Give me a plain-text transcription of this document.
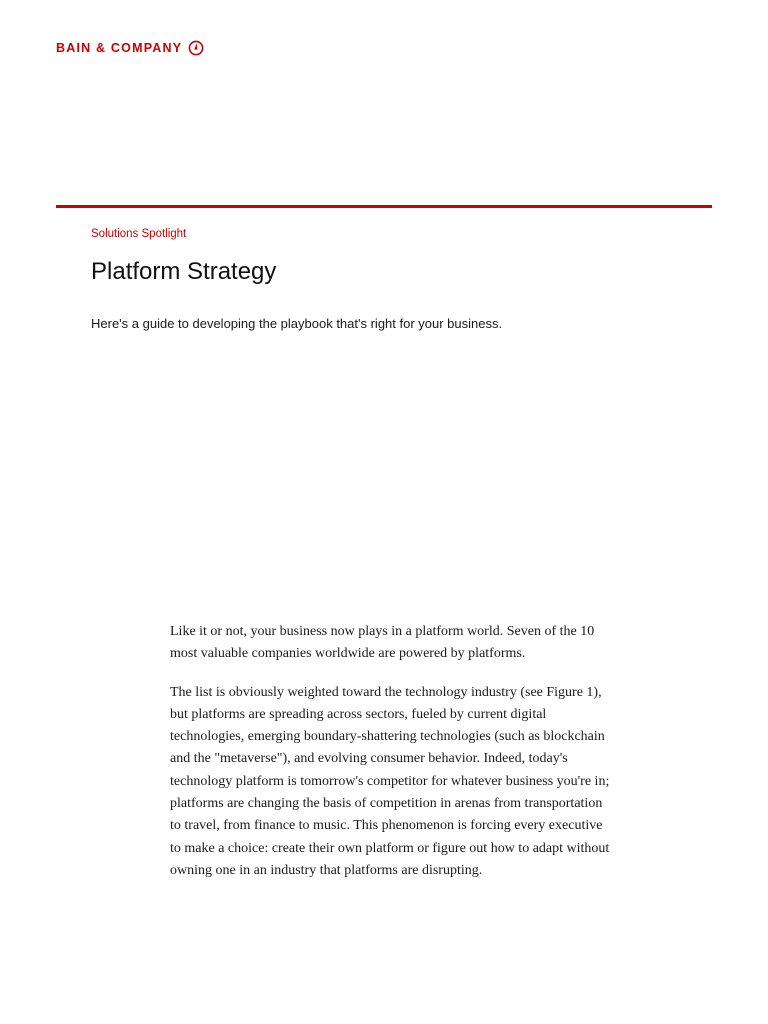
BAIN & COMPANY
Solutions Spotlight
Platform Strategy

Here's a guide to developing the playbook that's right for your business.

Like it or not, your business now plays in a platform world. Seven of the 10 most valuable companies worldwide are powered by platforms.

The list is obviously weighted toward the technology industry (see Figure 1), but platforms are spreading across sectors, fueled by current digital technologies, emerging boundary-shattering technologies (such as blockchain and the "metaverse"), and evolving consumer behavior. Indeed, today's technology platform is tomorrow's competitor for whatever business you're in; platforms are changing the basis of competition in arenas from transportation to travel, from finance to music. This phenomenon is forcing every executive to make a choice: create their own platform or figure out how to adapt without owning one in an industry that platforms are disrupting.
